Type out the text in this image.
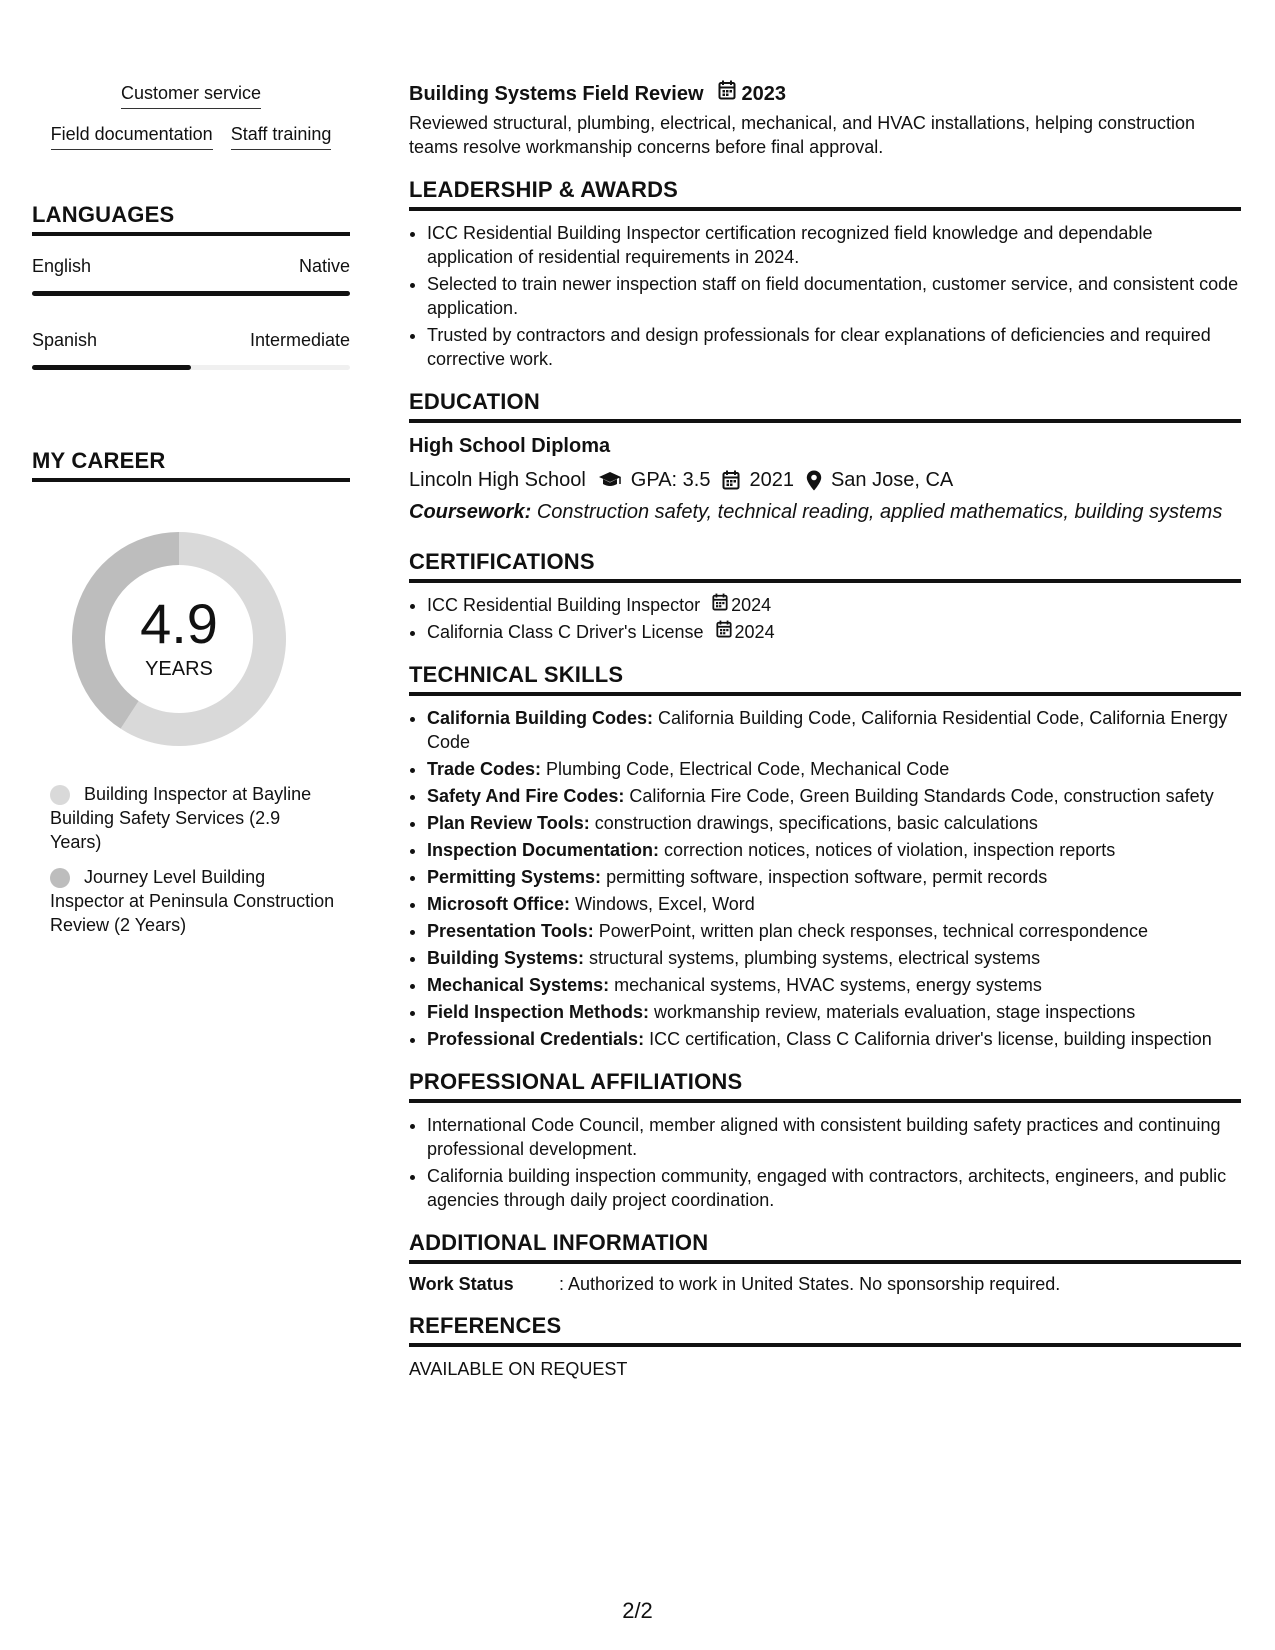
Customer service
Field documentation Staff training
LANGUAGES
English	Native
Spanish	Intermediate
MY CAREER
4.9
YEARS
Building Inspector at Bayline Building Safety Services (2.9 Years)
Journey Level Building Inspector at Peninsula Construction Review (2 Years)
Building Systems Field Review 2023

Reviewed structural, plumbing, electrical, mechanical, and HVAC installations, helping construction teams resolve workmanship concerns before final approval.

LEADERSHIP & AWARDS
• ICC Residential Building Inspector certification recognized field knowledge and dependable application of residential requirements in 2024.
• Selected to train newer inspection staff on field documentation, customer service, and consistent code application.
• Trusted by contractors and design professionals for clear explanations of deficiencies and required corrective work.
EDUCATION
High School Diploma
Lincoln High School GPA: 3.5 2021 San Jose, CA
Coursework: Construction safety, technical reading, applied mathematics, building systems
CERTIFICATIONS
• ICC Residential Building Inspector 2024
• California Class C Driver's License 2024
TECHNICAL SKILLS
• California Building Codes: California Building Code, California Residential Code, California Energy Code
• Trade Codes: Plumbing Code, Electrical Code, Mechanical Code
• Safety And Fire Codes: California Fire Code, Green Building Standards Code, construction safety
• Plan Review Tools: construction drawings, specifications, basic calculations
• Inspection Documentation: correction notices, notices of violation, inspection reports
• Permitting Systems: permitting software, inspection software, permit records
• Microsoft Office: Windows, Excel, Word
• Presentation Tools: PowerPoint, written plan check responses, technical correspondence
• Building Systems: structural systems, plumbing systems, electrical systems
• Mechanical Systems: mechanical systems, HVAC systems, energy systems
• Field Inspection Methods: workmanship review, materials evaluation, stage inspections
• Professional Credentials: ICC certification, Class C California driver's license, building inspection
PROFESSIONAL AFFILIATIONS
• International Code Council, member aligned with consistent building safety practices and continuing professional development.
• California building inspection community, engaged with contractors, architects, engineers, and public agencies through daily project coordination.
ADDITIONAL INFORMATION
Work Status	: Authorized to work in United States. No sponsorship required.
REFERENCES
AVAILABLE ON REQUEST
2/2
